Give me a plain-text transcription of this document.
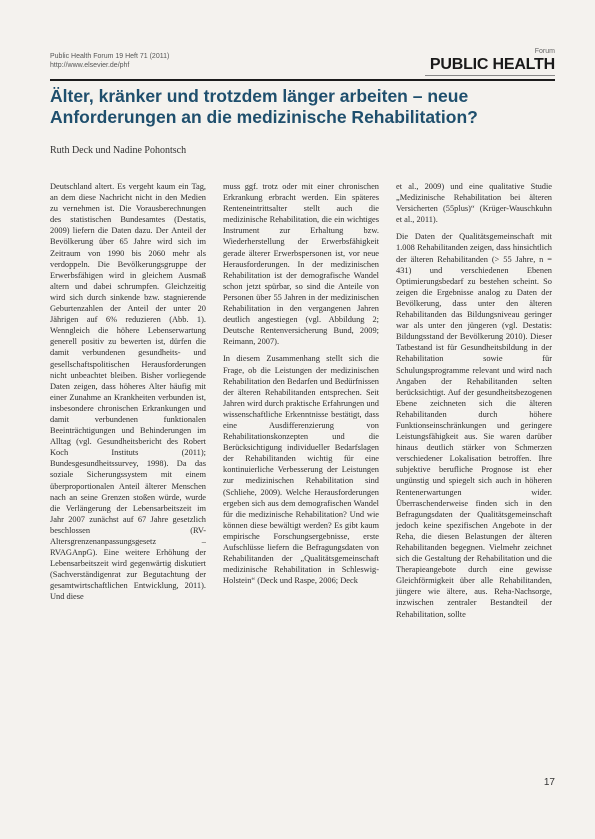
Public Health Forum 19 Heft 71 (2011)
http://www.elsevier.de/phf
Forum
PUBLIC HEALTH
Älter, kränker und trotzdem länger arbeiten – neue Anforderungen an die medizinische Rehabilitation?
Ruth Deck und Nadine Pohontsch

Deutschland altert. Es vergeht kaum ein Tag, an dem diese Nachricht nicht in den Medien zu vernehmen ist. Die Vorausberechnungen des statistischen Bundesamtes (Destatis, 2009) liefern die Daten dazu. Der Anteil der Bevölkerung über 65 Jahre wird sich im Zeitraum von 1990 bis 2060 mehr als verdoppeln. Die Bevölkerungsgruppe der Erwerbsfähigen wird in gleichem Ausmaß altern und dabei schrumpfen. Gleichzeitig wird sich durch sinkende bzw. stagnierende Geburtenzahlen der Anteil der unter 20 Jährigen auf 6% reduzieren (Abb. 1). Wenngleich die höhere Lebenserwartung generell positiv zu bewerten ist, dürfen die damit verbundenen gesundheits- und gesellschaftspolitischen Herausforderungen nicht unbeachtet bleiben. Bisher vorliegende Daten zeigen, dass höheres Alter häufig mit einer Zunahme an Krankheiten verbunden ist, insbesondere chronischen Erkrankungen und damit verbundenen funktionalen Beeinträchtigungen und Behinderungen im Alltag (vgl. Gesundheitsbericht des Robert Koch Instituts (2011); Bundesgesundheitssurvey, 1998). Da das soziale Sicherungssystem mit einem überproportionalen Anteil älterer Menschen nach an seine Grenzen stoßen würde, wurde die Verlängerung der Lebensarbeitszeit im Jahr 2007 zunächst auf 67 Jahre gesetzlich beschlossen (RV-Altersgrenzenanpassungsgesetz – RVAGAnpG). Eine weitere Erhöhung der Lebensarbeitszeit wird gegenwärtig diskutiert (Sachverständigenrat zur Begutachtung der gesamtwirtschaftlichen Entwicklung, 2011). Und diese

muss ggf. trotz oder mit einer chronischen Erkrankung erbracht werden. Ein späteres Renteneintrittsalter stellt auch die medizinische Rehabilitation, die ein wichtiges Instrument zur Erhaltung bzw. Wiederherstellung der Erwerbsfähigkeit gerade älterer Erwerbspersonen ist, vor neue Herausforderungen. In der medizinischen Rehabilitation ist der demografische Wandel schon jetzt spürbar, so sind die Anteile von Personen über 55 Jahren in der medizinischen Rehabilitation in den vergangenen Jahren deutlich angestiegen (vgl. Abbildung 2; Deutsche Rentenversicherung Bund, 2009; Reimann, 2007).

In diesem Zusammenhang stellt sich die Frage, ob die Leistungen der medizinischen Rehabilitation den Bedarfen und Bedürfnissen der älteren Rehabilitanden entsprechen. Seit Jahren wird durch praktische Erfahrungen und wissenschaftliche Erkenntnisse bestätigt, dass eine Ausdifferenzierung von Rehabilitationskonzepten und die Berücksichtigung individueller Bedarfslagen der Rehabilitanden wichtig für eine kontinuierliche Verbesserung der Leistungen zur medizinischen Rehabilitation sind (Schliehe, 2009). Welche Herausforderungen ergeben sich aus dem demografischen Wandel für die medizinische Rehabilitation? Und wie können diese bewältigt werden? Es gibt kaum empirische Forschungsergebnisse, erste Aufschlüsse liefern die Befragungsdaten von Rehabilitanden der „Qualitätsgemeinschaft medizinische Rehabilitation in Schleswig-Holstein“ (Deck und Raspe, 2006; Deck

et al., 2009) und eine qualitative Studie „Medizinische Rehabilitation bei älteren Versicherten (55plus)“ (Krüger-Wauschkuhn et al., 2011).

Die Daten der Qualitätsgemeinschaft mit 1.008 Rehabilitanden zeigen, dass hinsichtlich der älteren Rehabilitanden (> 55 Jahre, n = 431) und verschiedenen Ebenen Optimierungsbedarf zu bestehen scheint. So zeigen die Ergebnisse analog zu Daten der Bevölkerung, dass unter den älteren Rehabilitanden das Bildungsniveau geringer war als unter den jüngeren (vgl. Destatis: Bildungsstand der Bevölkerung 2010). Dieser Tatbestand ist für Gesundheitsbildung in der Rehabilitation sowie für Schulungsprogramme relevant und wird nach Angaben der Rehabilitanden selten berücksichtigt. Auf der gesundheitsbezogenen Ebene zeichneten sich die älteren Rehabilitanden durch höhere Funktionseinschränkungen und geringere Leistungsfähigkeit aus. Sie waren darüber hinaus deutlich stärker von Schmerzen verschiedener Lokalisation betroffen. Ihre subjektive berufliche Prognose ist eher ungünstig und spiegelt sich auch in höheren Rentenerwartungen wider. Überraschenderweise finden sich in den Befragungsdaten der Qualitätsgemeinschaft jedoch keine spezifischen Angebote in der Reha, die diesen Belastungen der älteren Rehabilitanden begegnen. Vielmehr zeichnet sich die Gestaltung der Rehabilitation und die Therapieangebote durch eine gewisse Gleichförmigkeit über alle Rehabilitanden, jüngere wie ältere, aus. Reha-Nachsorge, inzwischen zentraler Bestandteil der Rehabilitation, sollte

17
